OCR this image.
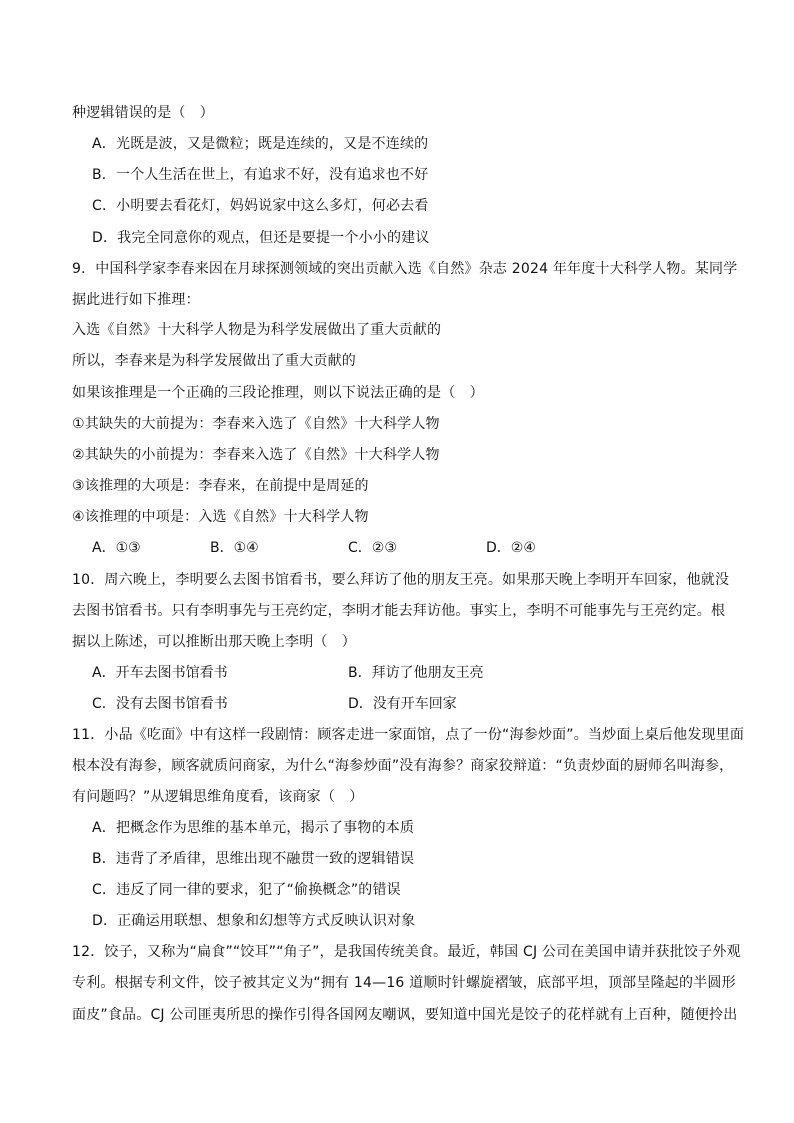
种逻辑错误的是（　）
A．光既是波，又是微粒；既是连续的，又是不连续的
B．一个人生活在世上，有追求不好，没有追求也不好
C．小明要去看花灯，妈妈说家中这么多灯，何必去看
D．我完全同意你的观点，但还是要提一个小小的建议
9．中国科学家李春来因在月球探测领域的突出贡献入选《自然》杂志 2024 年年度十大科学人物。某同学
据此进行如下推理：
入选《自然》十大科学人物是为科学发展做出了重大贡献的
所以，李春来是为科学发展做出了重大贡献的
如果该推理是一个正确的三段论推理，则以下说法正确的是（　）
①其缺失的大前提为：李春来入选了《自然》十大科学人物
②其缺失的小前提为：李春来入选了《自然》十大科学人物
③该推理的大项是：李春来，在前提中是周延的
④该推理的中项是：入选《自然》十大科学人物
A．①③	B．①④	C．②③	D．②④
10．周六晚上，李明要么去图书馆看书，要么拜访了他的朋友王亮。如果那天晚上李明开车回家，他就没
去图书馆看书。只有李明事先与王亮约定，李明才能去拜访他。事实上，李明不可能事先与王亮约定。根
据以上陈述，可以推断出那天晚上李明（　）
A．开车去图书馆看书	B．拜访了他朋友王亮
C．没有去图书馆看书	D．没有开车回家
11．小品《吃面》中有这样一段剧情：顾客走进一家面馆，点了一份“海参炒面”。当炒面上桌后他发现里面
根本没有海参，顾客就质问商家，为什么“海参炒面”没有海参？商家狡辩道：“负责炒面的厨师名叫海参，
有问题吗？”从逻辑思维角度看，该商家（　）
A．把概念作为思维的基本单元，揭示了事物的本质
B．违背了矛盾律，思维出现不融贯一致的逻辑错误
C．违反了同一律的要求，犯了“偷换概念”的错误
D．正确运用联想、想象和幻想等方式反映认识对象
12．饺子，又称为“扁食”“饺耳”“角子”，是我国传统美食。最近，韩国 CJ 公司在美国申请并获批饺子外观
专利。根据专利文件，饺子被其定义为“拥有 14—16 道顺时针螺旋褶皱，底部平坦，顶部呈隆起的半圆形
面皮”食品。CJ 公司匪夷所思的操作引得各国网友嘲讽，要知道中国光是饺子的花样就有上百种，随便拎出
